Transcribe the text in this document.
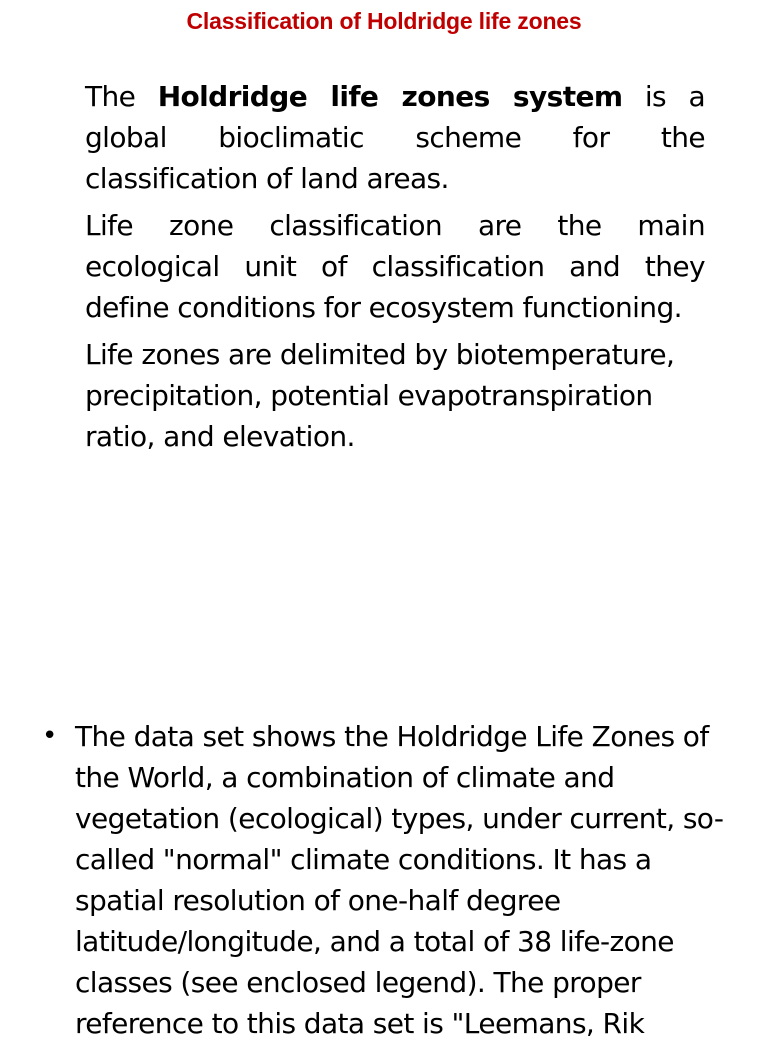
Classification of Holdridge life zones

The Holdridge life zones system is a global bioclimatic scheme for the classification of land areas.

Life zone classification are the main ecological unit of classification and they define conditions for ecosystem functioning.

Life zones are delimited by biotemperature, precipitation, potential evapotranspiration ratio, and elevation.

• The data set shows the Holdridge Life Zones of the World, a combination of climate and vegetation (ecological) types, under current, so-called "normal" climate conditions. It has a spatial resolution of one-half degree latitude/longitude, and a total of 38 life-zone classes (see enclosed legend). The proper reference to this data set is "Leemans, Rik
